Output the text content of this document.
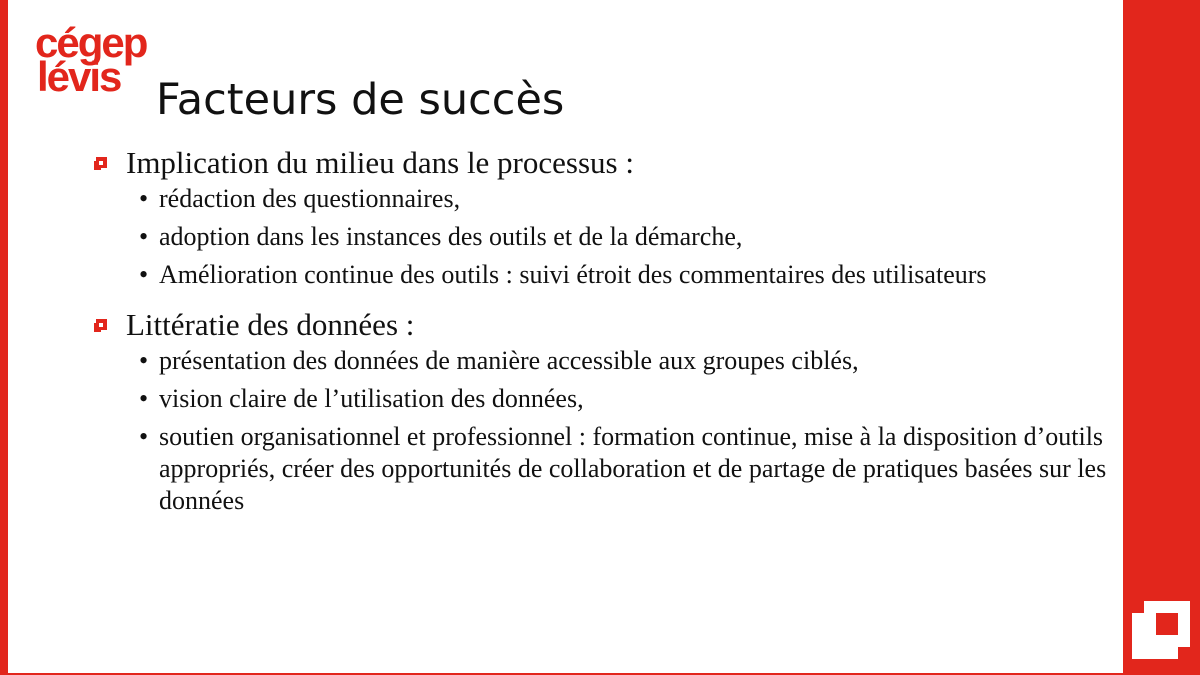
cégep
lévis Facteurs de succès
Implication du milieu dans le processus :
• rédaction des questionnaires,
• adoption dans les instances des outils et de la démarche,
• Amélioration continue des outils : suivi étroit des commentaires des utilisateurs
Littératie des données :
• présentation des données de manière accessible aux groupes ciblés,
• vision claire de l’utilisation des données,
• soutien organisationnel et professionnel : formation continue, mise à la disposition d’outils appropriés, créer des opportunités de collaboration et de partage de pratiques basées sur les données
